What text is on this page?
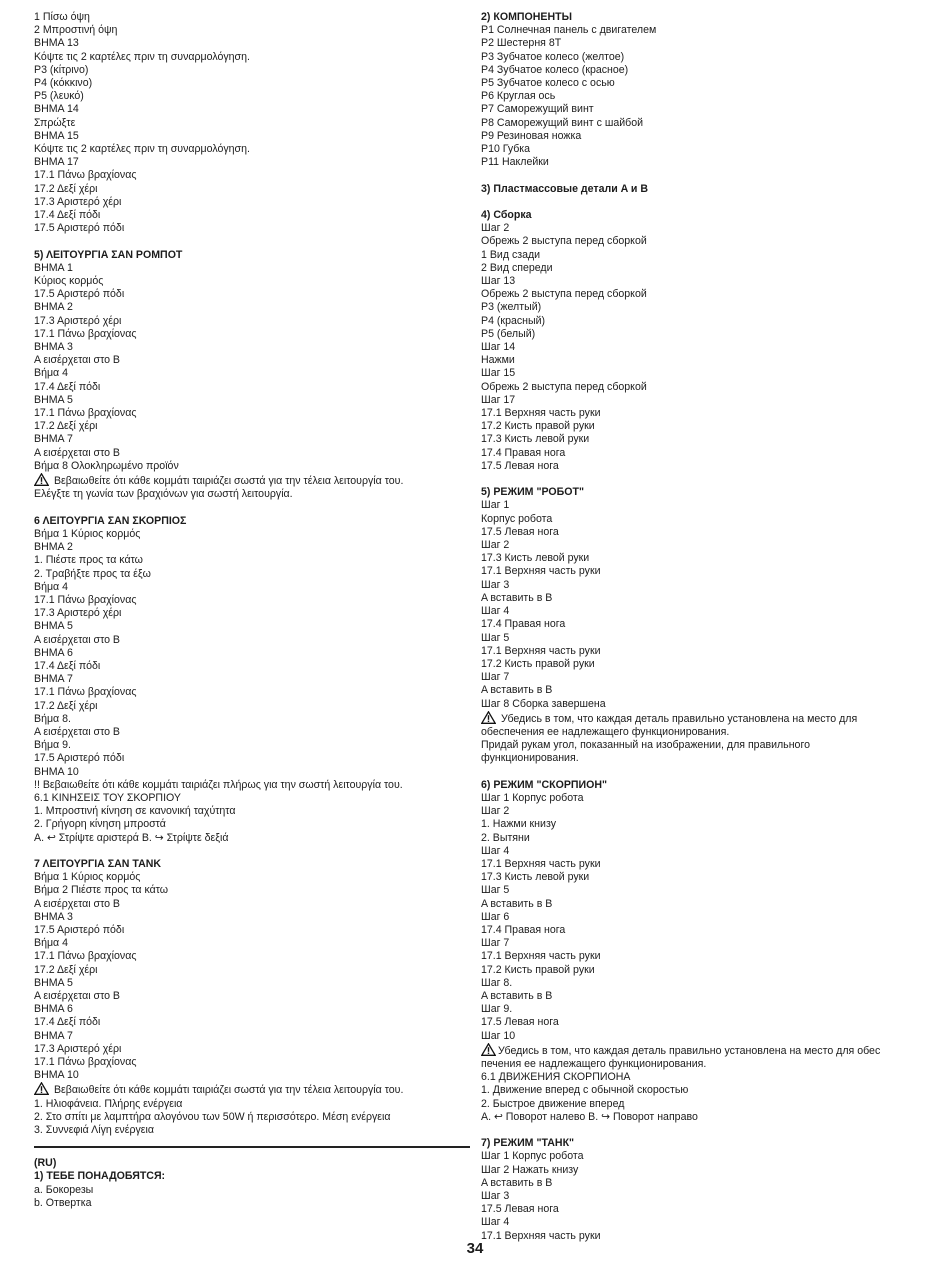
1 Πίσω όψη
2 Μπροστινή όψη
ΒΗΜΑ 13
Κόψτε τις 2 καρτέλες πριν τη συναρμολόγηση.
P3 (κίτρινο)
P4 (κόκκινο)
P5 (λευκό)
ΒΗΜΑ 14
Σπρώξτε
ΒΗΜΑ 15
Κόψτε τις 2 καρτέλες πριν τη συναρμολόγηση.
ΒΗΜΑ 17
17.1 Πάνω βραχίονας
17.2 Δεξί χέρι
17.3 Αριστερό χέρι
17.4 Δεξί πόδι
17.5 Αριστερό πόδι
5) ΛΕΙΤΟΥΡΓΙΑ ΣΑΝ ΡΟΜΠΟΤ
ΒΗΜΑ 1
Κύριος κορμός
17.5 Αριστερό πόδι
ΒΗΜΑ 2
17.3 Αριστερό χέρι
17.1 Πάνω βραχίονας
ΒΗΜΑ 3
Α εισέρχεται στο Β
Βήμα 4
17.4 Δεξί πόδι
ΒΗΜΑ 5
17.1 Πάνω βραχίονας
17.2 Δεξί χέρι
ΒΗΜΑ 7
Α εισέρχεται στο Β
Βήμα 8 Ολοκληρωμένο προϊόν
Βεβαιωθείτε ότι κάθε κομμάτι ταιριάζει σωστά για την τέλεια λειτουργία του.
Ελέγξτε τη γωνία των βραχιόνων για σωστή λειτουργία.
6 ΛΕΙΤΟΥΡΓΙΑ ΣΑΝ ΣΚΟΡΠΙΟΣ
Βήμα 1 Κύριος κορμός
ΒΗΜΑ 2
1. Πιέστε προς τα κάτω
2. Τραβήξτε προς τα έξω
Βήμα 4
17.1 Πάνω βραχίονας
17.3 Αριστερό χέρι
ΒΗΜΑ 5
Α εισέρχεται στο Β
ΒΗΜΑ 6
17.4 Δεξί πόδι
ΒΗΜΑ 7
17.1 Πάνω βραχίονας
17.2 Δεξί χέρι
Βήμα 8.
Α εισέρχεται στο Β
Βήμα 9.
17.5 Αριστερό πόδι
ΒΗΜΑ 10
!! Βεβαιωθείτε ότι κάθε κομμάτι ταιριάζει πλήρως για την σωστή λειτουργία του.
6.1 ΚΙΝΗΣΕΙΣ ΤΟΥ ΣΚΟΡΠΙΟΥ
1. Μπροστινή κίνηση σε κανονική ταχύτητα
2. Γρήγορη κίνηση μπροστά
Α. ↩ Στρίψτε αριστερά Β. ↪ Στρίψτε δεξιά
7 ΛΕΙΤΟΥΡΓΙΑ ΣΑΝ TANK
Βήμα 1 Κύριος κορμός
Βήμα 2 Πιέστε προς τα κάτω
Α εισέρχεται στο Β
ΒΗΜΑ 3
17.5 Αριστερό πόδι
Βήμα 4
17.1 Πάνω βραχίονας
17.2 Δεξί χέρι
ΒΗΜΑ 5
Α εισέρχεται στο Β
ΒΗΜΑ 6
17.4 Δεξί πόδι
ΒΗΜΑ 7
17.3 Αριστερό χέρι
17.1 Πάνω βραχίονας
ΒΗΜΑ 10
Βεβαιωθείτε ότι κάθε κομμάτι ταιριάζει σωστά για την τέλεια λειτουργία του.
1. Ηλιοφάνεια. Πλήρης ενέργεια
2. Στο σπίτι με λαμπτήρα αλογόνου των 50W ή περισσότερο. Μέση ενέργεια
3. Συννεφιά Λίγη ενέργεια
(RU)
1) ТЕБЕ ПОНАДОБЯТСЯ:
a. Бокорезы
b. Отвертка
2) КОМПОНЕНТЫ
P1 Солнечная панель с двигателем
P2 Шестерня 8T
P3 Зубчатое колесо (желтое)
P4 Зубчатое колесо (красное)
P5 Зубчатое колесо с осью
P6 Круглая ось
P7 Саморежущий винт
P8 Саморежущий винт с шайбой
P9 Резиновая ножка
P10 Губка
P11 Наклейки
3) Пластмассовые детали A и B
4) Сборка
Шаг 2
Обрежь 2 выступа перед сборкой
1 Вид сзади
2 Вид спереди
Шаг 13
Обрежь 2 выступа перед сборкой
P3 (желтый)
P4 (красный)
P5 (белый)
Шаг 14
Нажми
Шаг 15
Обрежь 2 выступа перед сборкой
Шаг 17
17.1 Верхняя часть руки
17.2 Кисть правой руки
17.3 Кисть левой руки
17.4 Правая нога
17.5 Левая нога
5) РЕЖИМ "РОБОТ"
Шаг 1
Корпус робота
17.5 Левая нога
Шаг 2
17.3 Кисть левой руки
17.1 Верхняя часть руки
Шаг 3
A вставить в B
Шаг 4
17.4 Правая нога
Шаг 5
17.1 Верхняя часть руки
17.2 Кисть правой руки
Шаг 7
A вставить в B
Шаг 8 Сборка завершена
Убедись в том, что каждая деталь правильно установлена на место для
обеспечения ее надлежащего функционирования.
Придай рукам угол, показанный на изображении, для правильного
функционирования.
6) РЕЖИМ "СКОРПИОН"
Шаг 1 Корпус робота
Шаг 2
1. Нажми книзу
2. Вытяни
Шаг 4
17.1 Верхняя часть руки
17.3 Кисть левой руки
Шаг 5
A вставить в B
Шаг 6
17.4 Правая нога
Шаг 7
17.1 Верхняя часть руки
17.2 Кисть правой руки
Шаг 8.
A вставить в B
Шаг 9.
17.5 Левая нога
Шаг 10
Убедись в том, что каждая деталь правильно установлена на место для обес
печения ее надлежащего функционирования.
6.1 ДВИЖЕНИЯ СКОРПИОНА
1. Движение вперед с обычной скоростью
2. Быстрое движение вперед
A. ↩ Поворот налево B. ↪ Поворот направо
7) РЕЖИМ "ТАНК"
Шаг 1 Корпус робота
Шаг 2 Нажать книзу
A вставить в B
Шаг 3
17.5 Левая нога
Шаг 4
17.1 Верхняя часть руки
34
